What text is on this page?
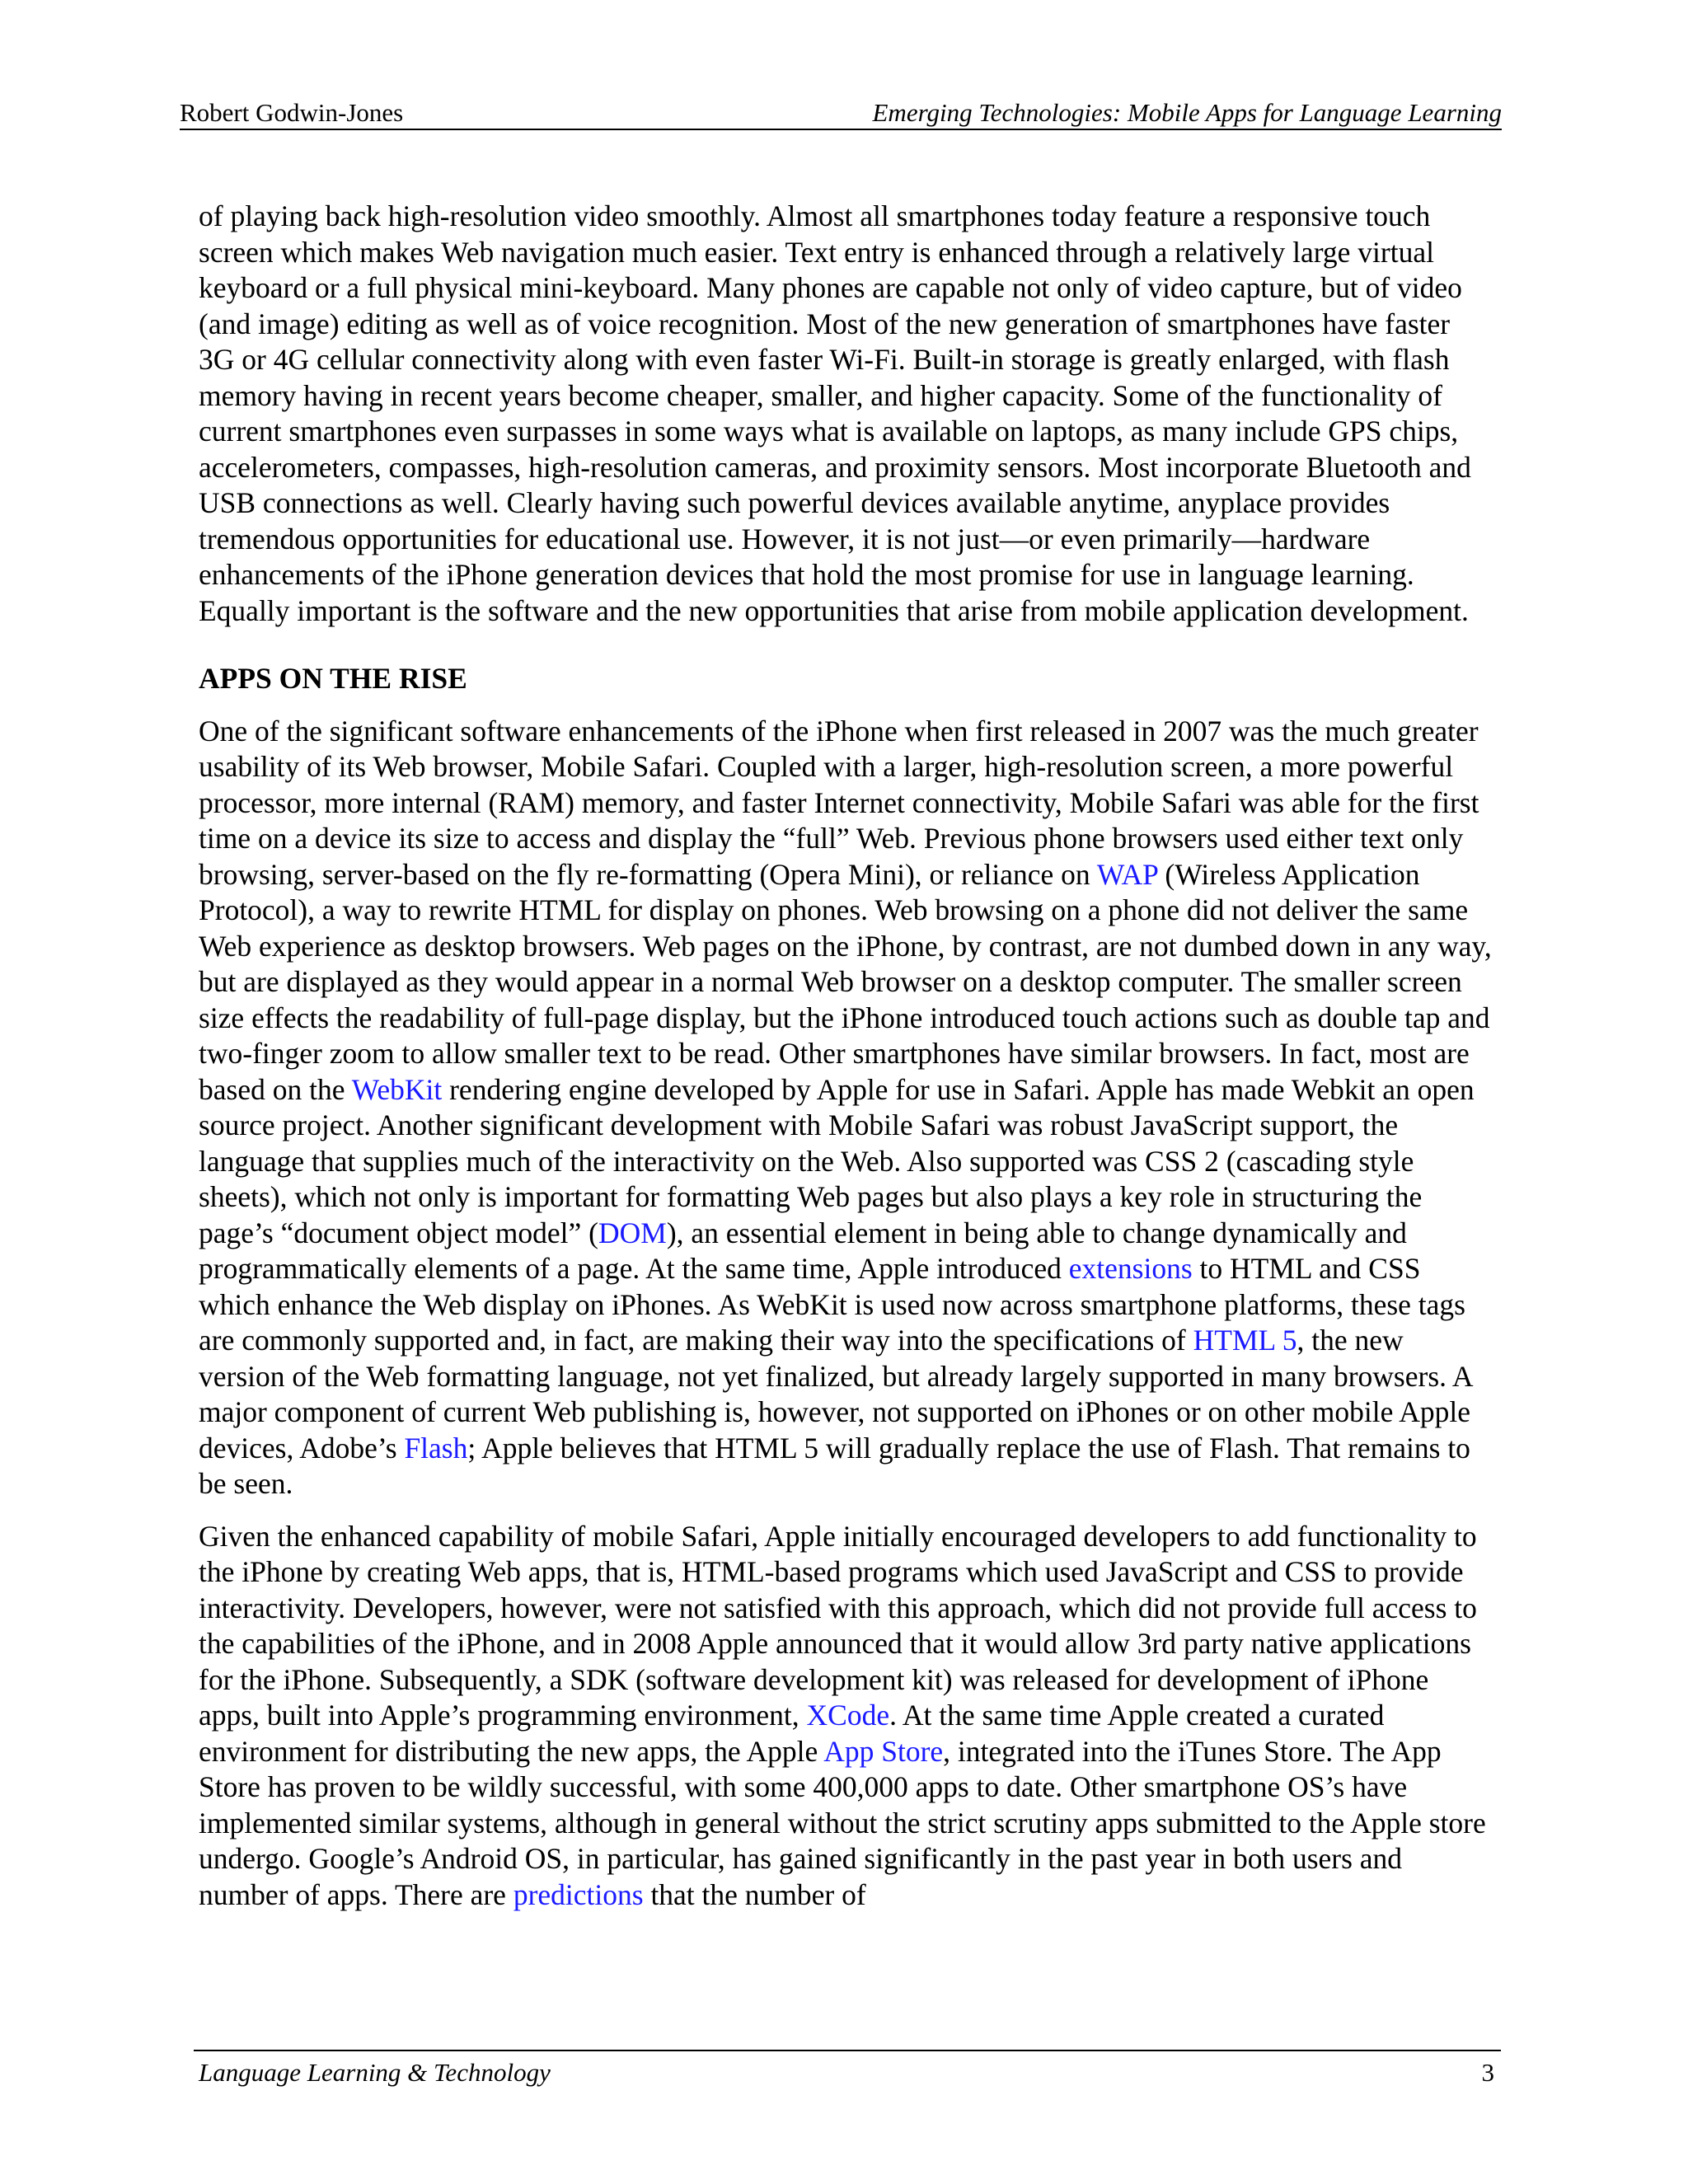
Robert Godwin-Jones	Emerging Technologies: Mobile Apps for Language Learning

of playing back high-resolution video smoothly. Almost all smartphones today feature a responsive touch screen which makes Web navigation much easier. Text entry is enhanced through a relatively large virtual keyboard or a full physical mini-keyboard. Many phones are capable not only of video capture, but of video (and image) editing as well as of voice recognition. Most of the new generation of smartphones have faster 3G or 4G cellular connectivity along with even faster Wi-Fi. Built-in storage is greatly enlarged, with flash memory having in recent years become cheaper, smaller, and higher capacity. Some of the functionality of current smartphones even surpasses in some ways what is available on laptops, as many include GPS chips, accelerometers, compasses, high-resolution cameras, and proximity sensors. Most incorporate Bluetooth and USB connections as well. Clearly having such powerful devices available anytime, anyplace provides tremendous opportunities for educational use. However, it is not just—or even primarily—hardware enhancements of the iPhone generation devices that hold the most promise for use in language learning. Equally important is the software and the new opportunities that arise from mobile application development.

APPS ON THE RISE

One of the significant software enhancements of the iPhone when first released in 2007 was the much greater usability of its Web browser, Mobile Safari. Coupled with a larger, high-resolution screen, a more powerful processor, more internal (RAM) memory, and faster Internet connectivity, Mobile Safari was able for the first time on a device its size to access and display the “full” Web. Previous phone browsers used either text only browsing, server-based on the fly re-formatting (Opera Mini), or reliance on WAP (Wireless Application Protocol), a way to rewrite HTML for display on phones. Web browsing on a phone did not deliver the same Web experience as desktop browsers. Web pages on the iPhone, by contrast, are not dumbed down in any way, but are displayed as they would appear in a normal Web browser on a desktop computer. The smaller screen size effects the readability of full-page display, but the iPhone introduced touch actions such as double tap and two-finger zoom to allow smaller text to be read. Other smartphones have similar browsers. In fact, most are based on the WebKit rendering engine developed by Apple for use in Safari. Apple has made Webkit an open source project. Another significant development with Mobile Safari was robust JavaScript support, the language that supplies much of the interactivity on the Web. Also supported was CSS 2 (cascading style sheets), which not only is important for formatting Web pages but also plays a key role in structuring the page’s “document object model” (DOM), an essential element in being able to change dynamically and programmatically elements of a page. At the same time, Apple introduced extensions to HTML and CSS which enhance the Web display on iPhones. As WebKit is used now across smartphone platforms, these tags are commonly supported and, in fact, are making their way into the specifications of HTML 5, the new version of the Web formatting language, not yet finalized, but already largely supported in many browsers. A major component of current Web publishing is, however, not supported on iPhones or on other mobile Apple devices, Adobe’s Flash; Apple believes that HTML 5 will gradually replace the use of Flash. That remains to be seen.

Given the enhanced capability of mobile Safari, Apple initially encouraged developers to add functionality to the iPhone by creating Web apps, that is, HTML-based programs which used JavaScript and CSS to provide interactivity. Developers, however, were not satisfied with this approach, which did not provide full access to the capabilities of the iPhone, and in 2008 Apple announced that it would allow 3rd party native applications for the iPhone. Subsequently, a SDK (software development kit) was released for development of iPhone apps, built into Apple’s programming environment, XCode. At the same time Apple created a curated environment for distributing the new apps, the Apple App Store, integrated into the iTunes Store. The App Store has proven to be wildly successful, with some 400,000 apps to date. Other smartphone OS’s have implemented similar systems, although in general without the strict scrutiny apps submitted to the Apple store undergo. Google’s Android OS, in particular, has gained significantly in the past year in both users and number of apps. There are predictions that the number of

Language Learning & Technology	3
